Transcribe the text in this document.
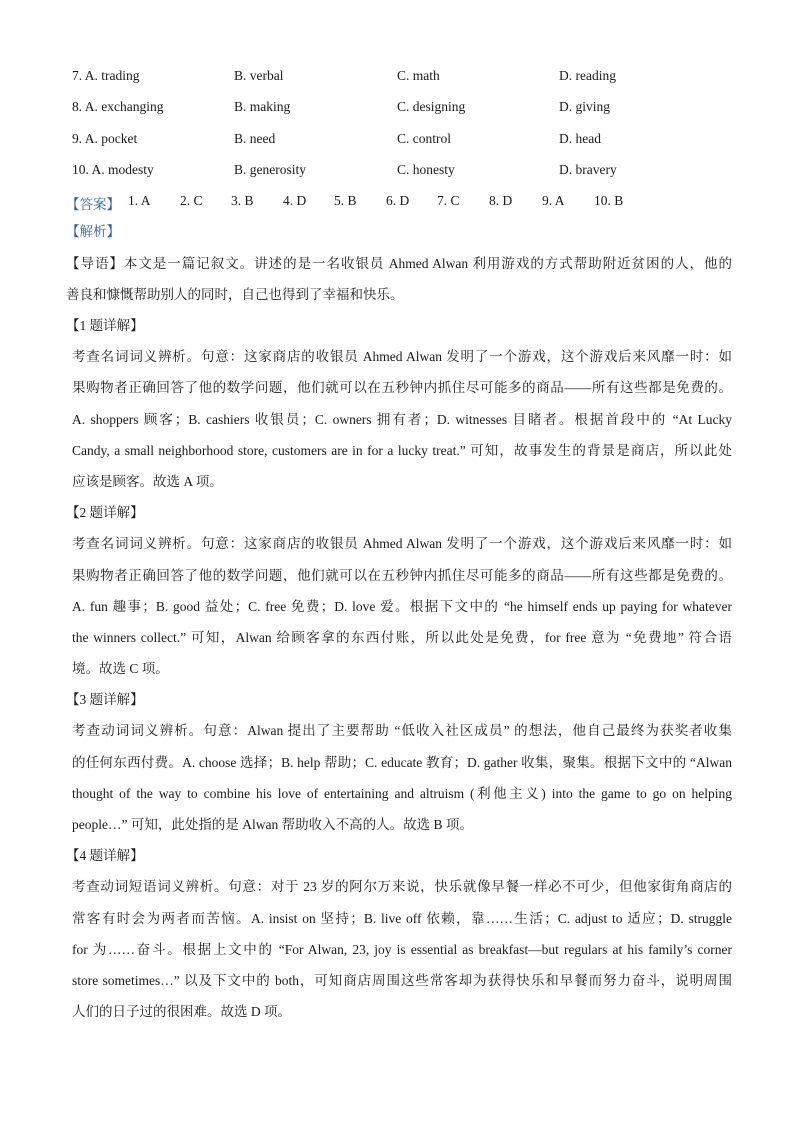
7. A. trading	B. verbal	C. math	D. reading
8. A. exchanging	B. making	C. designing	D. giving
9. A. pocket	B. need	C. control	D. head
10. A. modesty	B. generosity	C. honesty	D. bravery
【答案】 1. A 2. C 3. B 4. D 5. B 6. D 7. C 8. D 9. A 10. B
【解析】
【导语】本文是一篇记叙文。讲述的是一名收银员 Ahmed Alwan 利用游戏的方式帮助附近贫困的人，他的
善良和慷慨帮助别人的同时，自己也得到了幸福和快乐。
【1 题详解】
考查名词词义辨析。句意：这家商店的收银员 Ahmed Alwan 发明了一个游戏，这个游戏后来风靡一时：如
果购物者正确回答了他的数学问题，他们就可以在五秒钟内抓住尽可能多的商品——所有这些都是免费的。
A. shoppers 顾客；B. cashiers 收银员；C. owners 拥有者；D. witnesses 目睹者。根据首段中的 “At Lucky
Candy, a small neighborhood store, customers are in for a lucky treat.” 可知，故事发生的背景是商店，所以此处
应该是顾客。故选 A 项。
【2 题详解】
考查名词词义辨析。句意：这家商店的收银员 Ahmed Alwan 发明了一个游戏，这个游戏后来风靡一时：如
果购物者正确回答了他的数学问题，他们就可以在五秒钟内抓住尽可能多的商品——所有这些都是免费的。
A. fun 趣事；B. good 益处；C. free 免费；D. love 爱。根据下文中的 “he himself ends up paying for whatever
the winners collect.” 可知，Alwan 给顾客拿的东西付账，所以此处是免费，for free 意为 “免费地” 符合语
境。故选 C 项。
【3 题详解】
考查动词词义辨析。句意：Alwan 提出了主要帮助 “低收入社区成员” 的想法，他自己最终为获奖者收集
的任何东西付费。A. choose 选择；B. help 帮助；C. educate 教育；D. gather 收集，聚集。根据下文中的 “Alwan
thought of the way to combine his love of entertaining and altruism (利他主义) into the game to go on helping
people…” 可知，此处指的是 Alwan 帮助收入不高的人。故选 B 项。
【4 题详解】
考查动词短语词义辨析。句意：对于 23 岁的阿尔万来说，快乐就像早餐一样必不可少，但他家街角商店的
常客有时会为两者而苦恼。A. insist on 坚持；B. live off 依赖，靠……生活；C. adjust to 适应；D. struggle
for 为……奋斗。根据上文中的 “For Alwan, 23, joy is essential as breakfast—but regulars at his family’s corner
store sometimes…” 以及下文中的 both，可知商店周围这些常客却为获得快乐和早餐而努力奋斗，说明周围
人们的日子过的很困难。故选 D 项。
